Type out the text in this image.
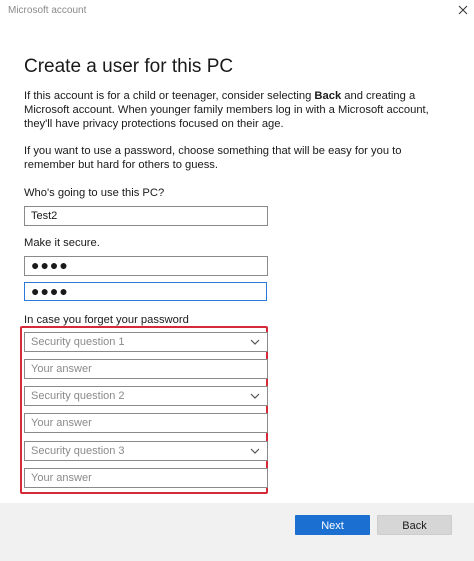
Microsoft account
Create a user for this PC

If this account is for a child or teenager, consider selecting Back and creating a Microsoft account. When younger family members log in with a Microsoft account, they'll have privacy protections focused on their age.

If you want to use a password, choose something that will be easy for you to remember but hard for others to guess.

Who's going to use this PC?
Test2
Make it secure.
●●●●
●●●●
In case you forget your password
Security question 1
Your answer
Security question 2
Your answer
Security question 3
Your answer
Next	Back
